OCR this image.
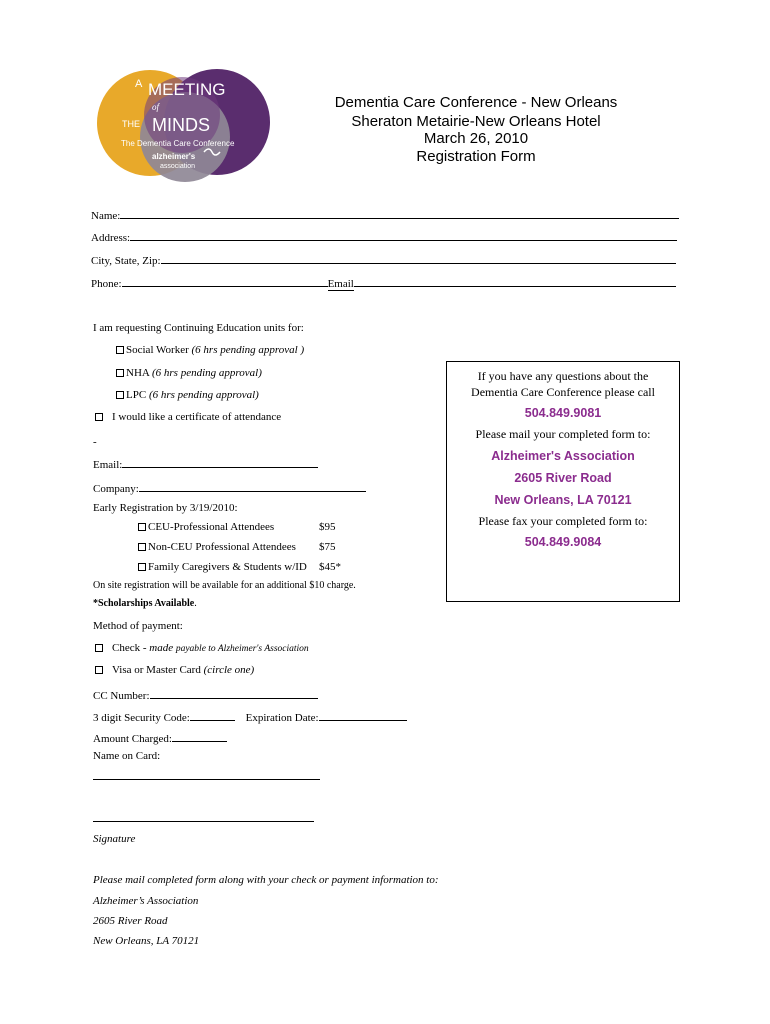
A MEETING
of
THE MINDS
The Dementia Care Conference
alzheimer's
association
Dementia Care Conference - New Orleans
Sheraton Metairie-New Orleans Hotel
March 26, 2010
Registration Form
Name:
Address:
City, State, Zip:
Phone:	Email
I am requesting Continuing Education units for:
Social Worker (6 hrs pending approval )
NHA (6 hrs pending approval)
LPC (6 hrs pending approval)
I would like a certificate of attendance
-
Email:
Company:
Early Registration by 3/19/2010:
CEU-Professional Attendees	$95
Non-CEU Professional Attendees $75
Family Caregivers & Students w/ID $45*
On site registration will be available for an additional $10 charge.
*Scholarships Available.
Method of payment:
Check - made payable to Alzheimer's Association
Visa or Master Card (circle one)
CC Number:
3 digit Security Code:	Expiration Date:
Amount Charged:
Name on Card:
Signature
Please mail completed form along with your check or payment information to:
Alzheimer’s Association
2605 River Road
New Orleans, LA 70121
If you have any questions about the
Dementia Care Conference please call
504.849.9081
Please mail your completed form to:
Alzheimer's Association
2605 River Road
New Orleans, LA 70121
Please fax your completed form to:
504.849.9084
